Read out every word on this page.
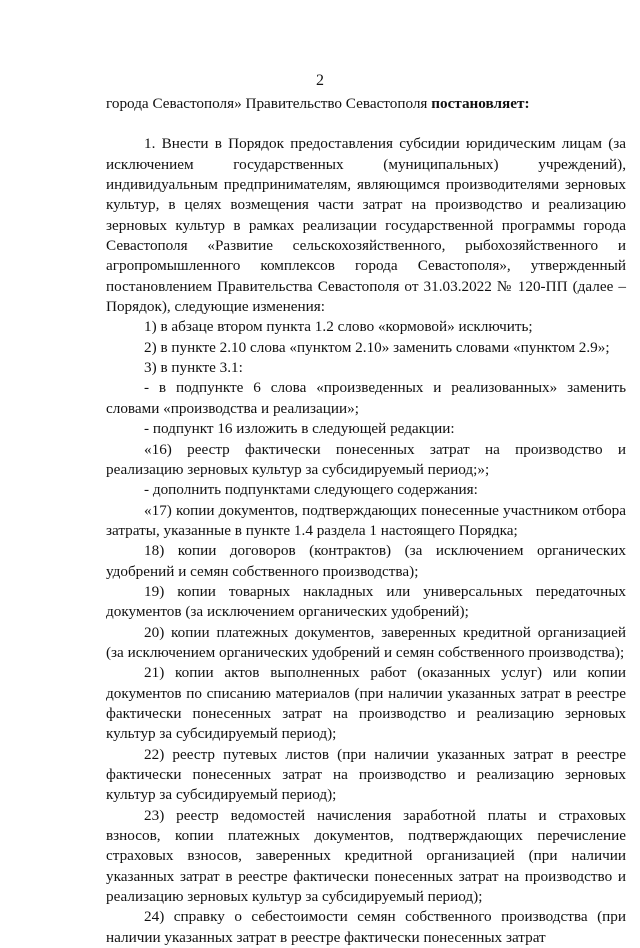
2

города Севастополя» Правительство Севастополя постановляет:

1. Внести в Порядок предоставления субсидии юридическим лицам (за исключением государственных (муниципальных) учреждений), индивидуальным предпринимателям, являющимся производителями зерновых культур, в целях возмещения части затрат на производство и реализацию зерновых культур в рамках реализации государственной программы города Севастополя «Развитие сельскохозяйственного, рыбохозяйственного и агропромышленного комплексов города Севастополя», утвержденный постановлением Правительства Севастополя от 31.03.2022 № 120-ПП (далее – Порядок), следующие изменения:

1) в абзаце втором пункта 1.2 слово «кормовой» исключить;

2) в пункте 2.10 слова «пунктом 2.10» заменить словами «пунктом 2.9»;

3) в пункте 3.1:

- в подпункте 6 слова «произведенных и реализованных» заменить словами «производства и реализации»;

- подпункт 16 изложить в следующей редакции:

«16) реестр фактически понесенных затрат на производство и реализацию зерновых культур за субсидируемый период;»;

- дополнить подпунктами следующего содержания:

«17) копии документов, подтверждающих понесенные участником отбора затраты, указанные в пункте 1.4 раздела 1 настоящего Порядка;

18) копии договоров (контрактов) (за исключением органических удобрений и семян собственного производства);

19) копии товарных накладных или универсальных передаточных документов (за исключением органических удобрений);

20) копии платежных документов, заверенных кредитной организацией (за исключением органических удобрений и семян собственного производства);

21) копии актов выполненных работ (оказанных услуг) или копии документов по списанию материалов (при наличии указанных затрат в реестре фактически понесенных затрат на производство и реализацию зерновых культур за субсидируемый период);

22) реестр путевых листов (при наличии указанных затрат в реестре фактически понесенных затрат на производство и реализацию зерновых культур за субсидируемый период);

23) реестр ведомостей начисления заработной платы и страховых взносов, копии платежных документов, подтверждающих перечисление страховых взносов, заверенных кредитной организацией (при наличии указанных затрат в реестре фактически понесенных затрат на производство и реализацию зерновых культур за субсидируемый период);

24) справку о себестоимости семян собственного производства (при наличии указанных затрат в реестре фактически понесенных затрат
